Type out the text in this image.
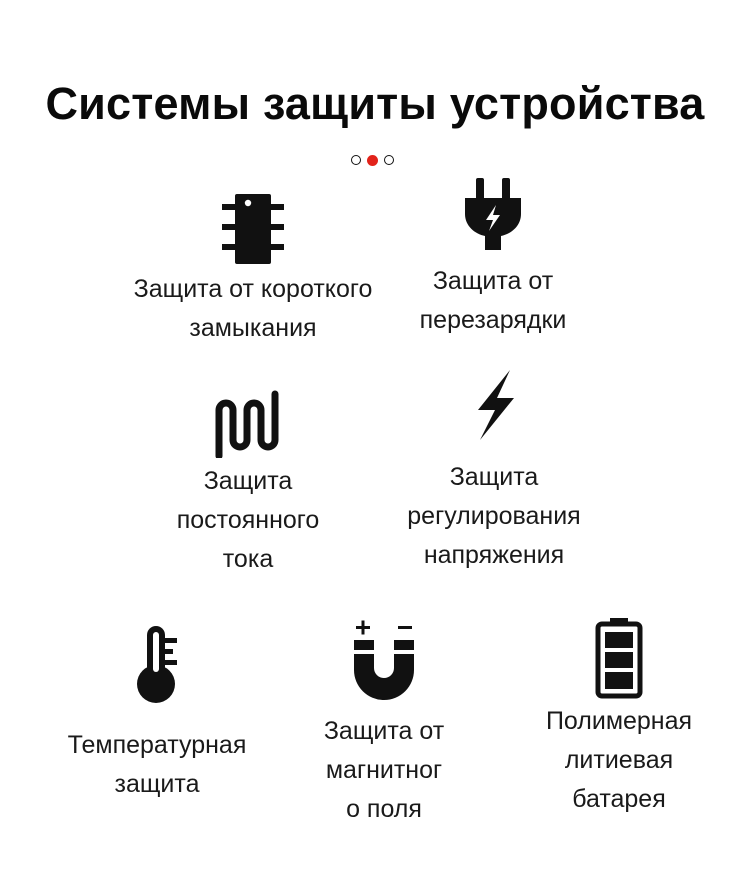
Системы защиты устройства
Защита от короткого
замыкания
Защита от
перезарядки
Защита
постоянного
тока
Защита
регулирования
напряжения
Температурная
защита
Защита от
магнитног
о поля
Полимерная
литиевая
батарея
